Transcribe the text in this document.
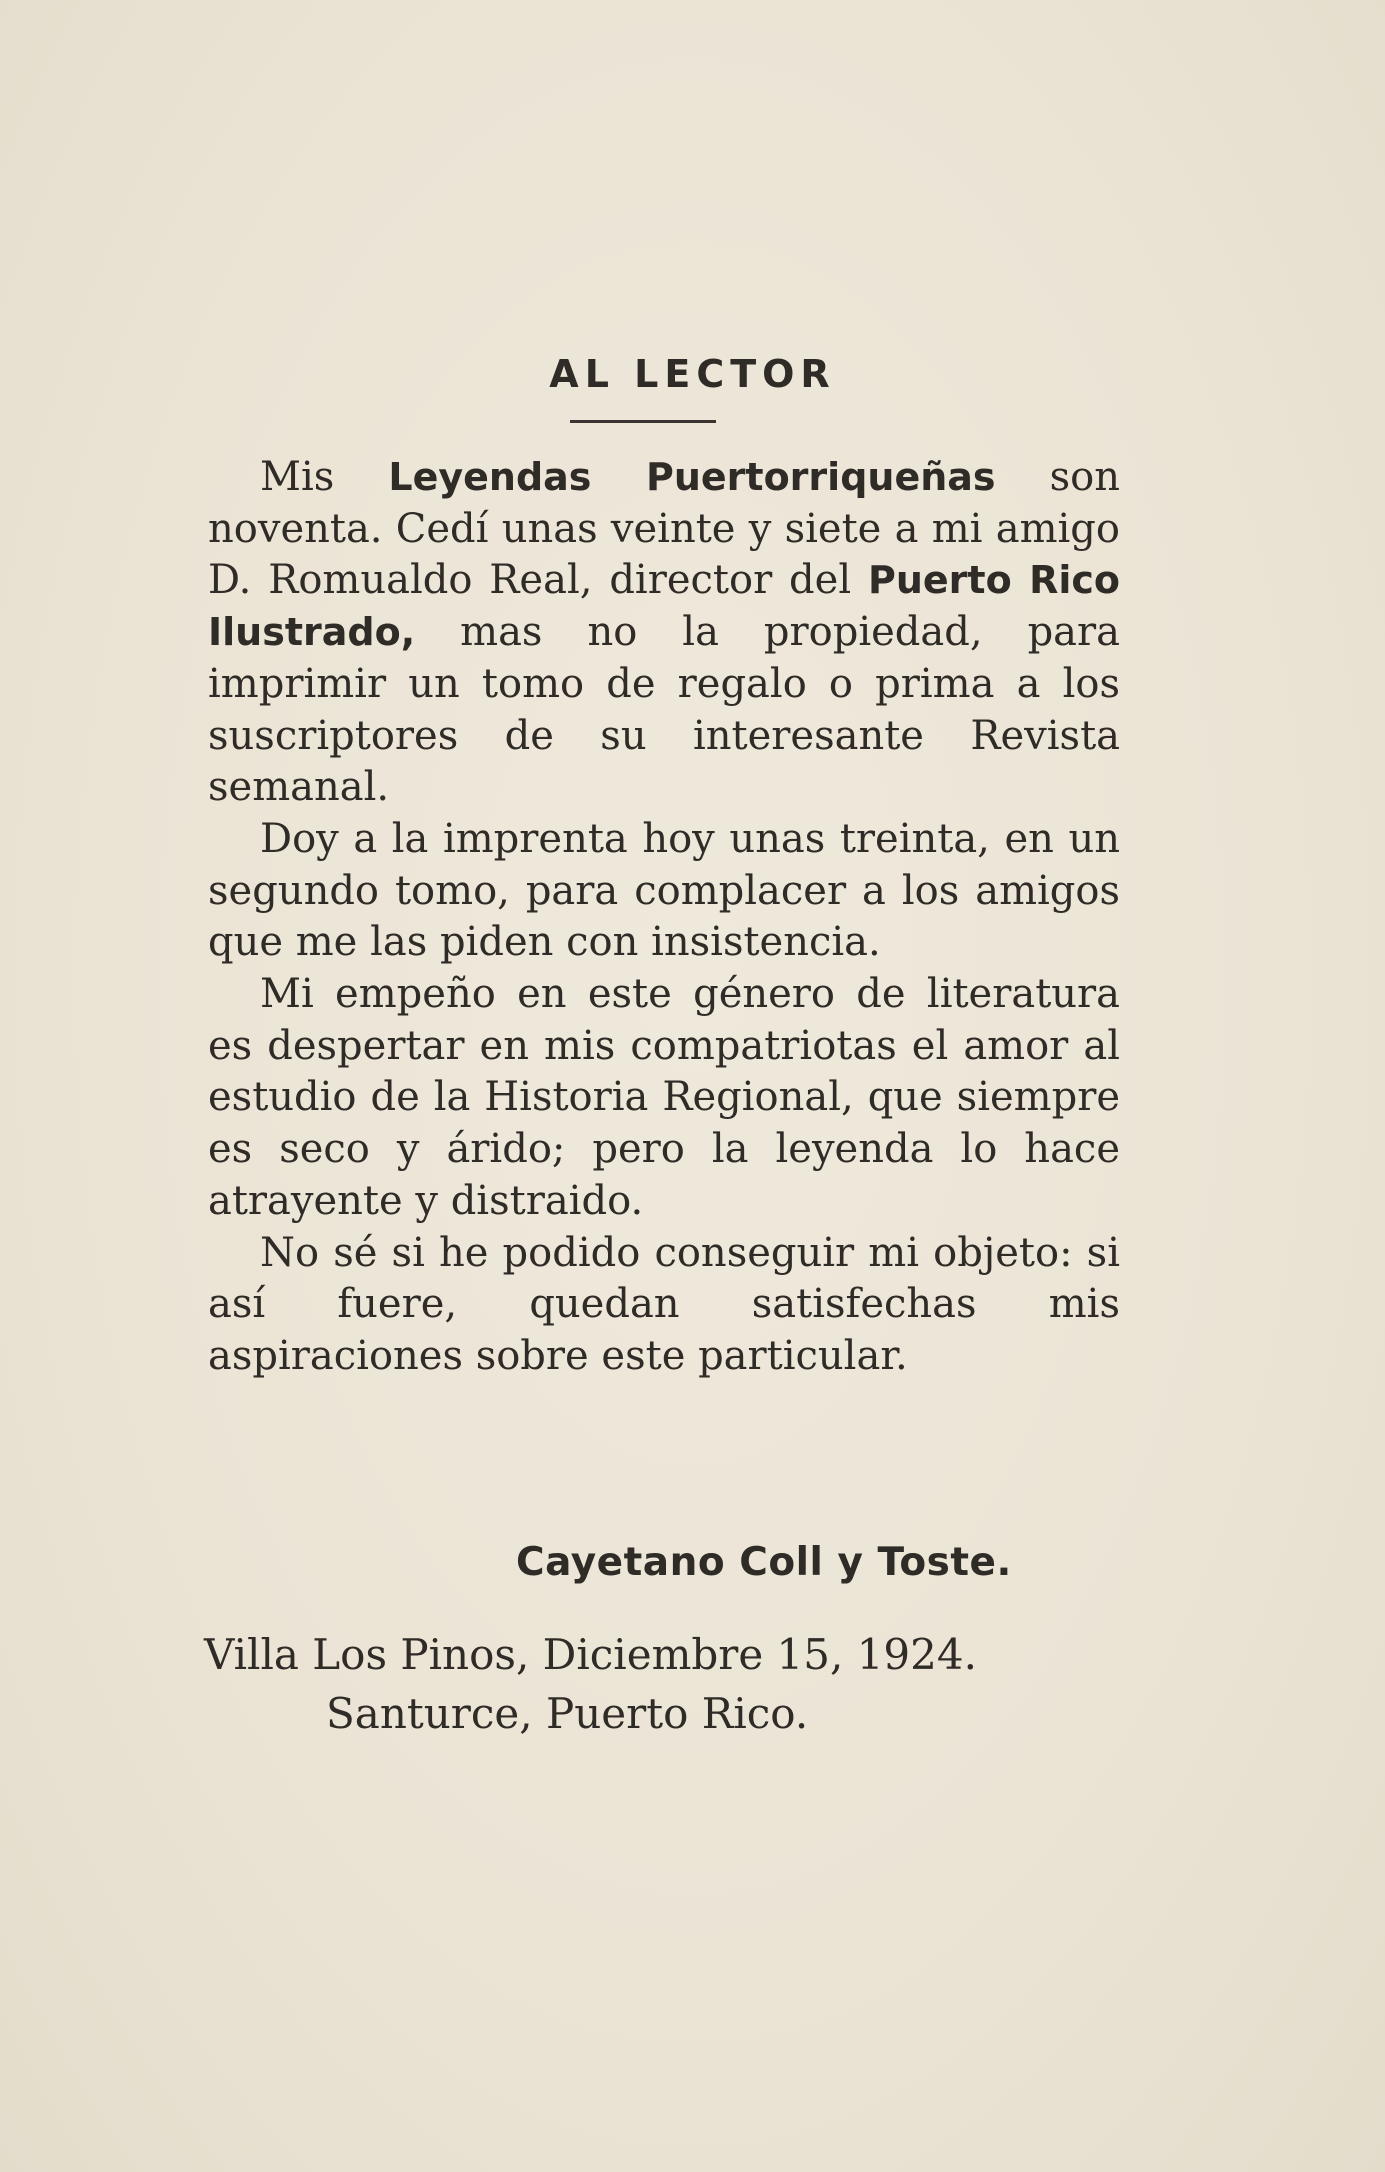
AL LECTOR

Mis Leyendas Puertorriqueñas son noventa. Cedí unas veinte y siete a mi amigo D. Romualdo Real, director del Puerto Rico Ilustrado, mas no la propiedad, para imprimir un tomo de regalo o prima a los suscriptores de su interesante Revista semanal.

Doy a la imprenta hoy unas treinta, en un segundo tomo, para complacer a los amigos que me las piden con insistencia.

Mi empeño en este género de literatura es despertar en mis compatriotas el amor al estudio de la Historia Regional, que siempre es seco y árido; pero la leyenda lo hace atrayente y distraido.

No sé si he podido conseguir mi objeto: si así fuere, quedan satisfechas mis aspiraciones sobre este particular.

Cayetano Coll y Toste.
Villa Los Pinos, Diciembre 15, 1924.
Santurce, Puerto Rico.
